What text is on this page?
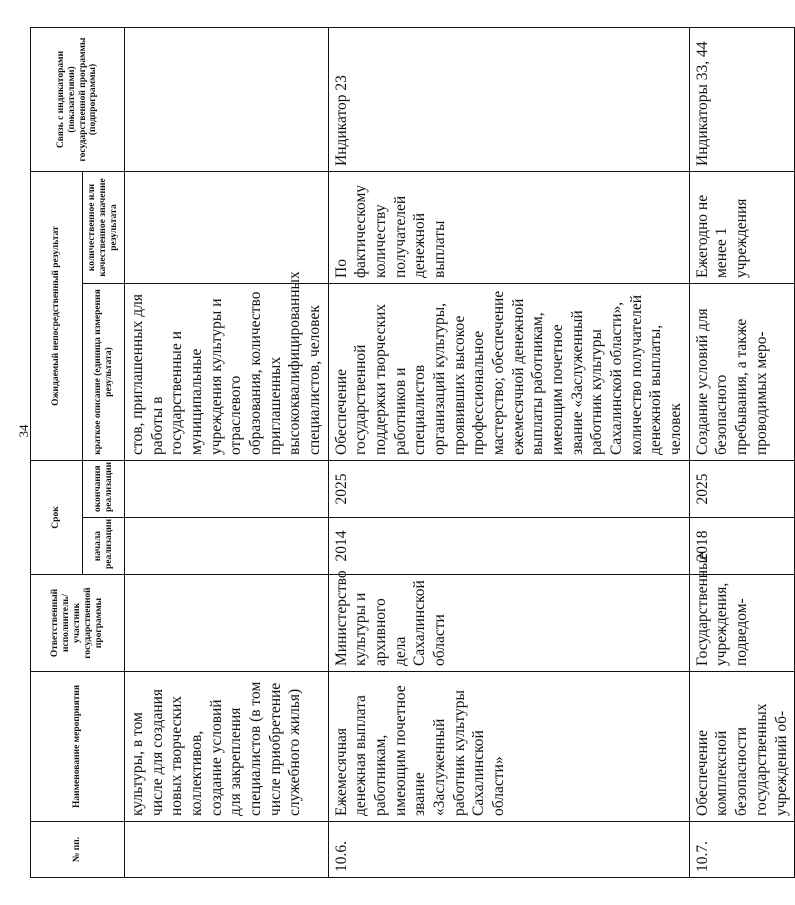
34
№ пп.	Наименование мероприятия	Ответственный исполнитель/участник государственной программы	Срок		Ожидаемый непосредственный результат		Связь с индикаторами (показателями) государственной программы (подпрограммы)
			начала реализации	окончания реализации	краткое описание (единица измерения результата)	количественное или качественное значение результата	
	культуры, в том числе для создания новых творческих коллективов, создание условий для закрепления специалистов (в том числе приобретение служебного жилья)				стов, приглашенных для работы в государственные и муниципальные учреждения культуры и отраслевого образования, количество приглашенных высококвалифицированных специалистов, человек		
10.6.	Ежемесячная денежная выплата работникам, имеющим почетное звание «Заслуженный работник культуры Сахалинской области»	Министерство культуры и архивного дела Сахалинской области	2014	2025	Обеспечение государственной поддержки творческих работников и специалистов организаций культуры, проявивших высокое профессиональное мастерство; обеспечение ежемесячной денежной выплаты работникам, имеющим почетное звание «Заслуженный работник культуры Сахалинской области», количество получателей денежной выплаты, человек	По фактическому количеству получателей денежной выплаты	Индикатор 23
10.7.	Обеспечение комплексной безопасности государственных учреждений об-	Государственные учреждения, подведом-	2018	2025	Создание условий для безопасного пребывания, а также проводимых меро-	Ежегодно не менее 1 учреждения	Индикаторы 33, 44
